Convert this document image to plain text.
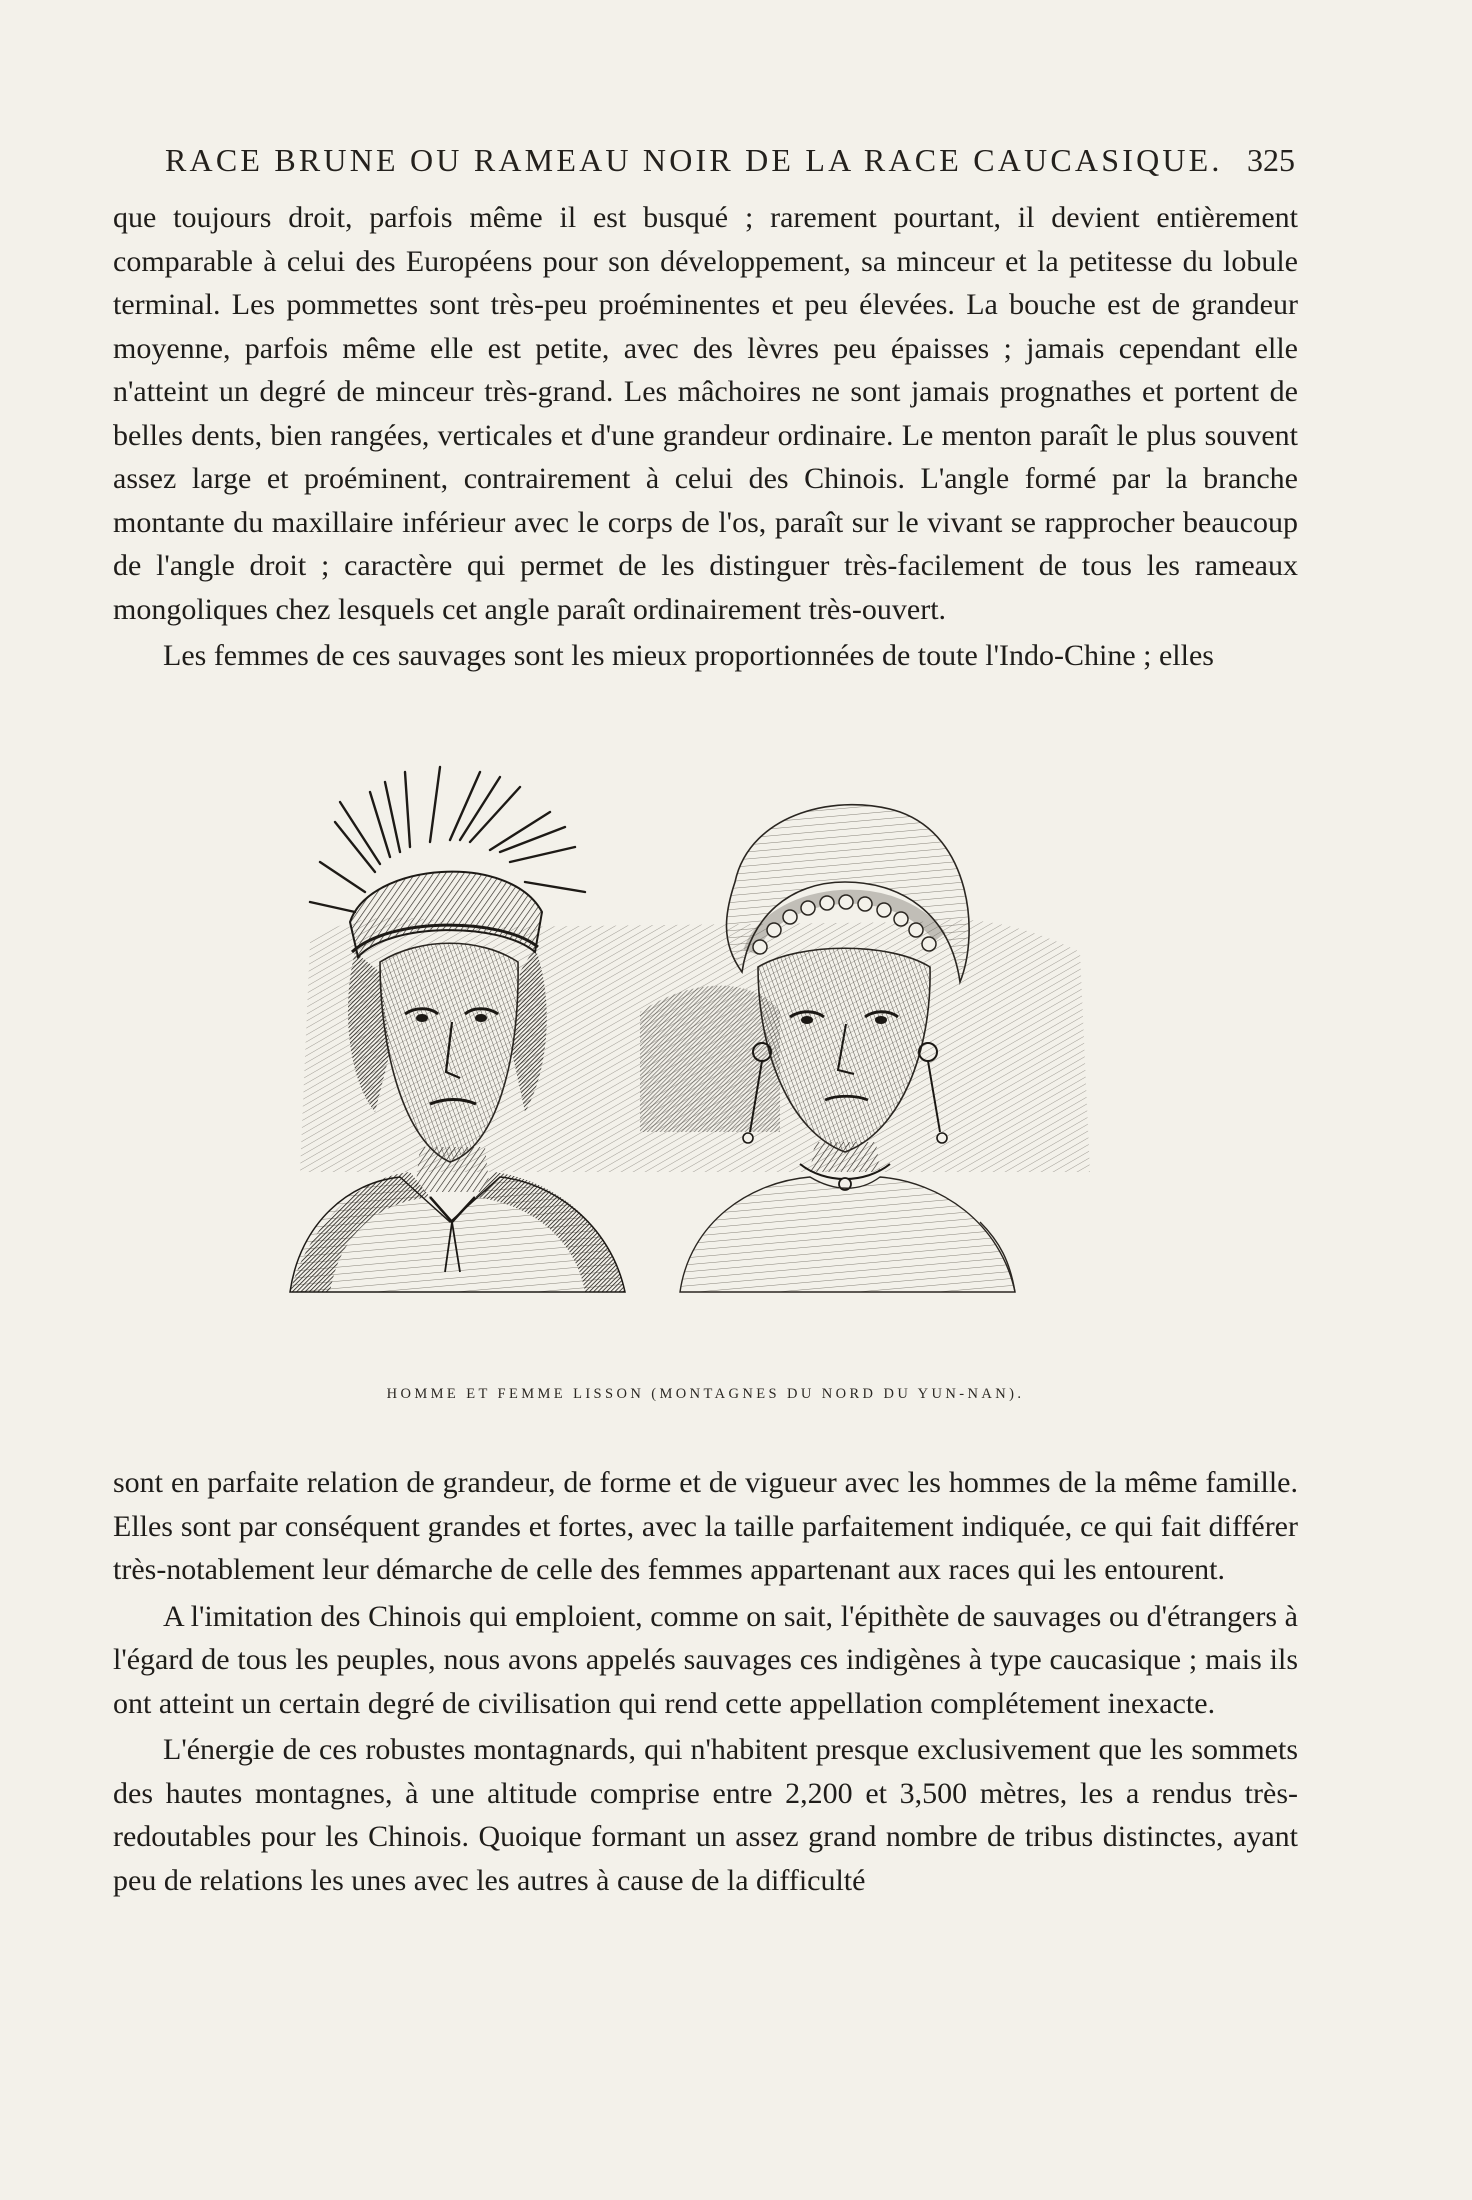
RACE BRUNE OU RAMEAU NOIR DE LA RACE CAUCASIQUE. 325

que toujours droit, parfois même il est busqué ; rarement pourtant, il devient entièrement comparable à celui des Européens pour son développement, sa minceur et la petitesse du lobule terminal. Les pommettes sont très-peu proéminentes et peu élevées. La bouche est de grandeur moyenne, parfois même elle est petite, avec des lèvres peu épaisses ; jamais cependant elle n'atteint un degré de minceur très-grand. Les mâchoires ne sont jamais prognathes et portent de belles dents, bien rangées, verticales et d'une grandeur ordinaire. Le menton paraît le plus souvent assez large et proéminent, contrairement à celui des Chinois. L'angle formé par la branche montante du maxillaire inférieur avec le corps de l'os, paraît sur le vivant se rapprocher beaucoup de l'angle droit ; caractère qui permet de les distinguer très-facilement de tous les rameaux mongoliques chez lesquels cet angle paraît ordinairement très-ouvert.

Les femmes de ces sauvages sont les mieux proportionnées de toute l'Indo-Chine ; elles

HOMME ET FEMME LISSON (MONTAGNES DU NORD DU YUN-NAN).

sont en parfaite relation de grandeur, de forme et de vigueur avec les hommes de la même famille. Elles sont par conséquent grandes et fortes, avec la taille parfaitement indiquée, ce qui fait différer très-notablement leur démarche de celle des femmes appartenant aux races qui les entourent.

A l'imitation des Chinois qui emploient, comme on sait, l'épithète de sauvages ou d'étrangers à l'égard de tous les peuples, nous avons appelés sauvages ces indigènes à type caucasique ; mais ils ont atteint un certain degré de civilisation qui rend cette appellation complétement inexacte.

L'énergie de ces robustes montagnards, qui n'habitent presque exclusivement que les sommets des hautes montagnes, à une altitude comprise entre 2,200 et 3,500 mètres, les a rendus très-redoutables pour les Chinois. Quoique formant un assez grand nombre de tribus distinctes, ayant peu de relations les unes avec les autres à cause de la difficulté
